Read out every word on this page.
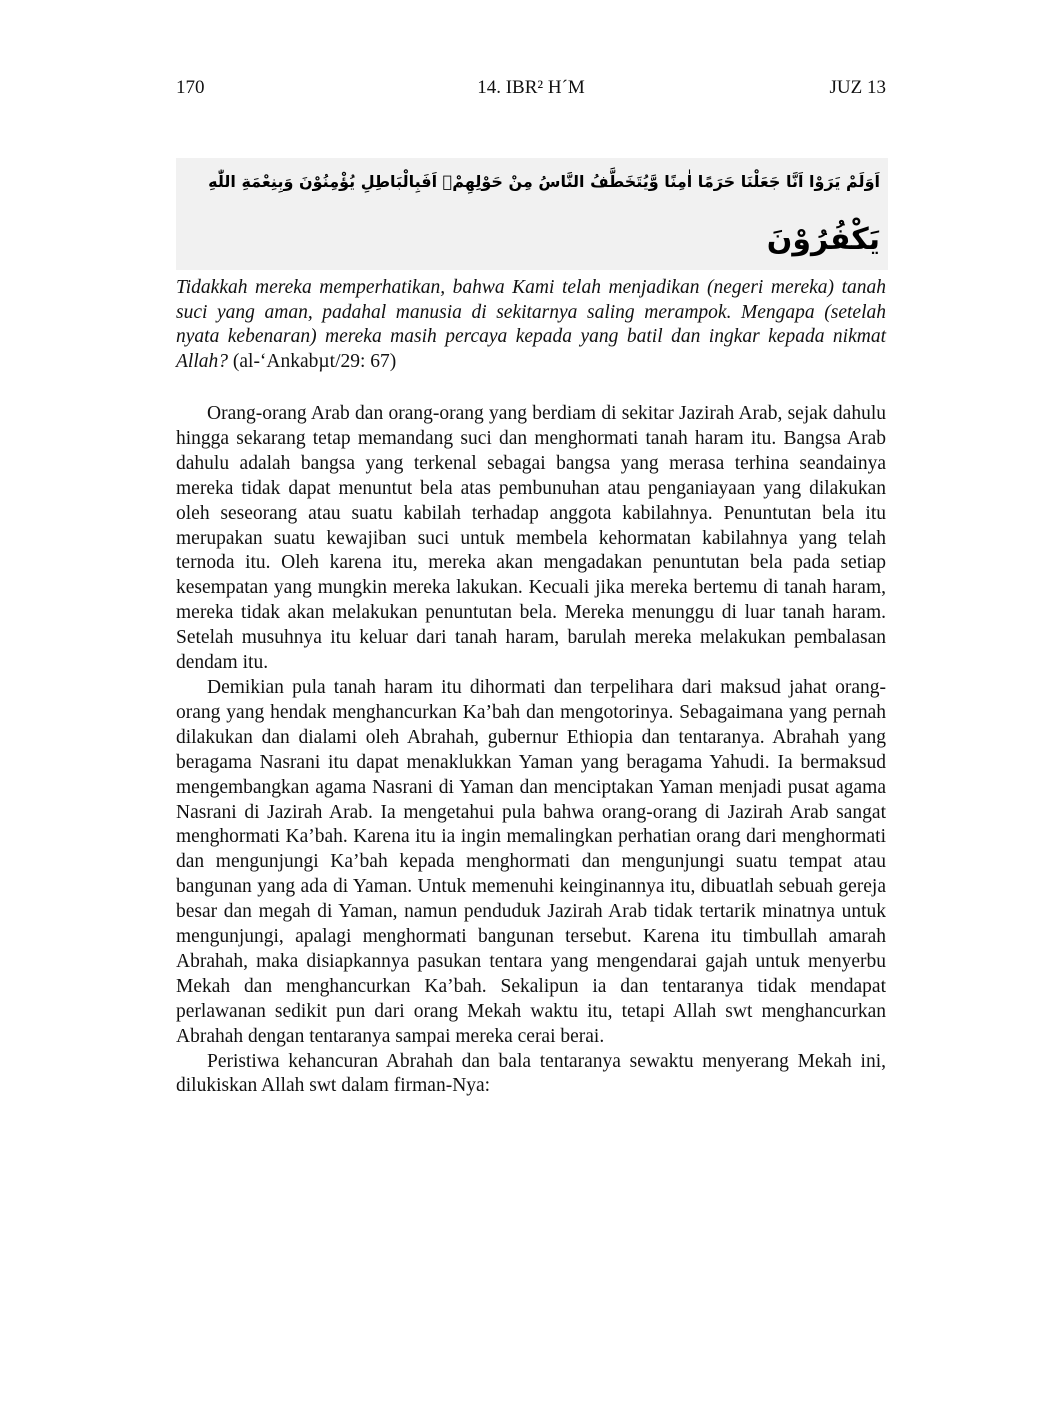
170	14. IBR² H´M	JUZ 13
اَوَلَمْ يَرَوْا اَنَّا جَعَلْنَا حَرَمًا اٰمِنًا وَّيُتَخَطَّفُ النَّاسُ مِنْ حَوْلِهِمْۗ اَفَبِالْبَاطِلِ يُؤْمِنُوْنَ وَبِنِعْمَةِ اللّٰهِ
يَكْفُرُوْنَ
Tidakkah mereka memperhatikan, bahwa Kami telah menjadikan (negeri mereka) tanah suci yang aman, padahal manusia di sekitarnya saling merampok. Mengapa (setelah nyata kebenaran) mereka masih percaya kepada yang batil dan ingkar kepada nikmat Allah? (al-‘Ankabµt/29: 67)

Orang-orang Arab dan orang-orang yang berdiam di sekitar Jazirah Arab, sejak dahulu hingga sekarang tetap memandang suci dan menghormati tanah haram itu. Bangsa Arab dahulu adalah bangsa yang terkenal sebagai bangsa yang merasa terhina seandainya mereka tidak dapat menuntut bela atas pembunuhan atau penganiayaan yang dilakukan oleh seseorang atau suatu kabilah terhadap anggota kabilahnya. Penuntutan bela itu merupakan suatu kewajiban suci untuk membela kehormatan kabilahnya yang telah ternoda itu. Oleh karena itu, mereka akan mengadakan penuntutan bela pada setiap kesempatan yang mungkin mereka lakukan. Kecuali jika mereka bertemu di tanah haram, mereka tidak akan melakukan penuntutan bela. Mereka menunggu di luar tanah haram. Setelah musuhnya itu keluar dari tanah haram, barulah mereka melakukan pembalasan dendam itu.

Demikian pula tanah haram itu dihormati dan terpelihara dari maksud jahat orang-orang yang hendak menghancurkan Ka’bah dan mengotorinya. Sebagaimana yang pernah dilakukan dan dialami oleh Abrahah, gubernur Ethiopia dan tentaranya. Abrahah yang beragama Nasrani itu dapat menaklukkan Yaman yang beragama Yahudi. Ia bermaksud mengembangkan agama Nasrani di Yaman dan menciptakan Yaman menjadi pusat agama Nasrani di Jazirah Arab. Ia mengetahui pula bahwa orang-orang di Jazirah Arab sangat menghormati Ka’bah. Karena itu ia ingin memalingkan perhatian orang dari menghormati dan mengunjungi Ka’bah kepada menghormati dan mengunjungi suatu tempat atau bangunan yang ada di Yaman. Untuk memenuhi keinginannya itu, dibuatlah sebuah gereja besar dan megah di Yaman, namun penduduk Jazirah Arab tidak tertarik minatnya untuk mengunjungi, apalagi menghormati bangunan tersebut. Karena itu timbullah amarah Abrahah, maka disiapkannya pasukan tentara yang mengendarai gajah untuk menyerbu Mekah dan menghancurkan Ka’bah. Sekalipun ia dan tentaranya tidak mendapat perlawanan sedikit pun dari orang Mekah waktu itu, tetapi Allah swt menghancurkan Abrahah dengan tentaranya sampai mereka cerai berai.

Peristiwa kehancuran Abrahah dan bala tentaranya sewaktu menyerang Mekah ini, dilukiskan Allah swt dalam firman-Nya:
